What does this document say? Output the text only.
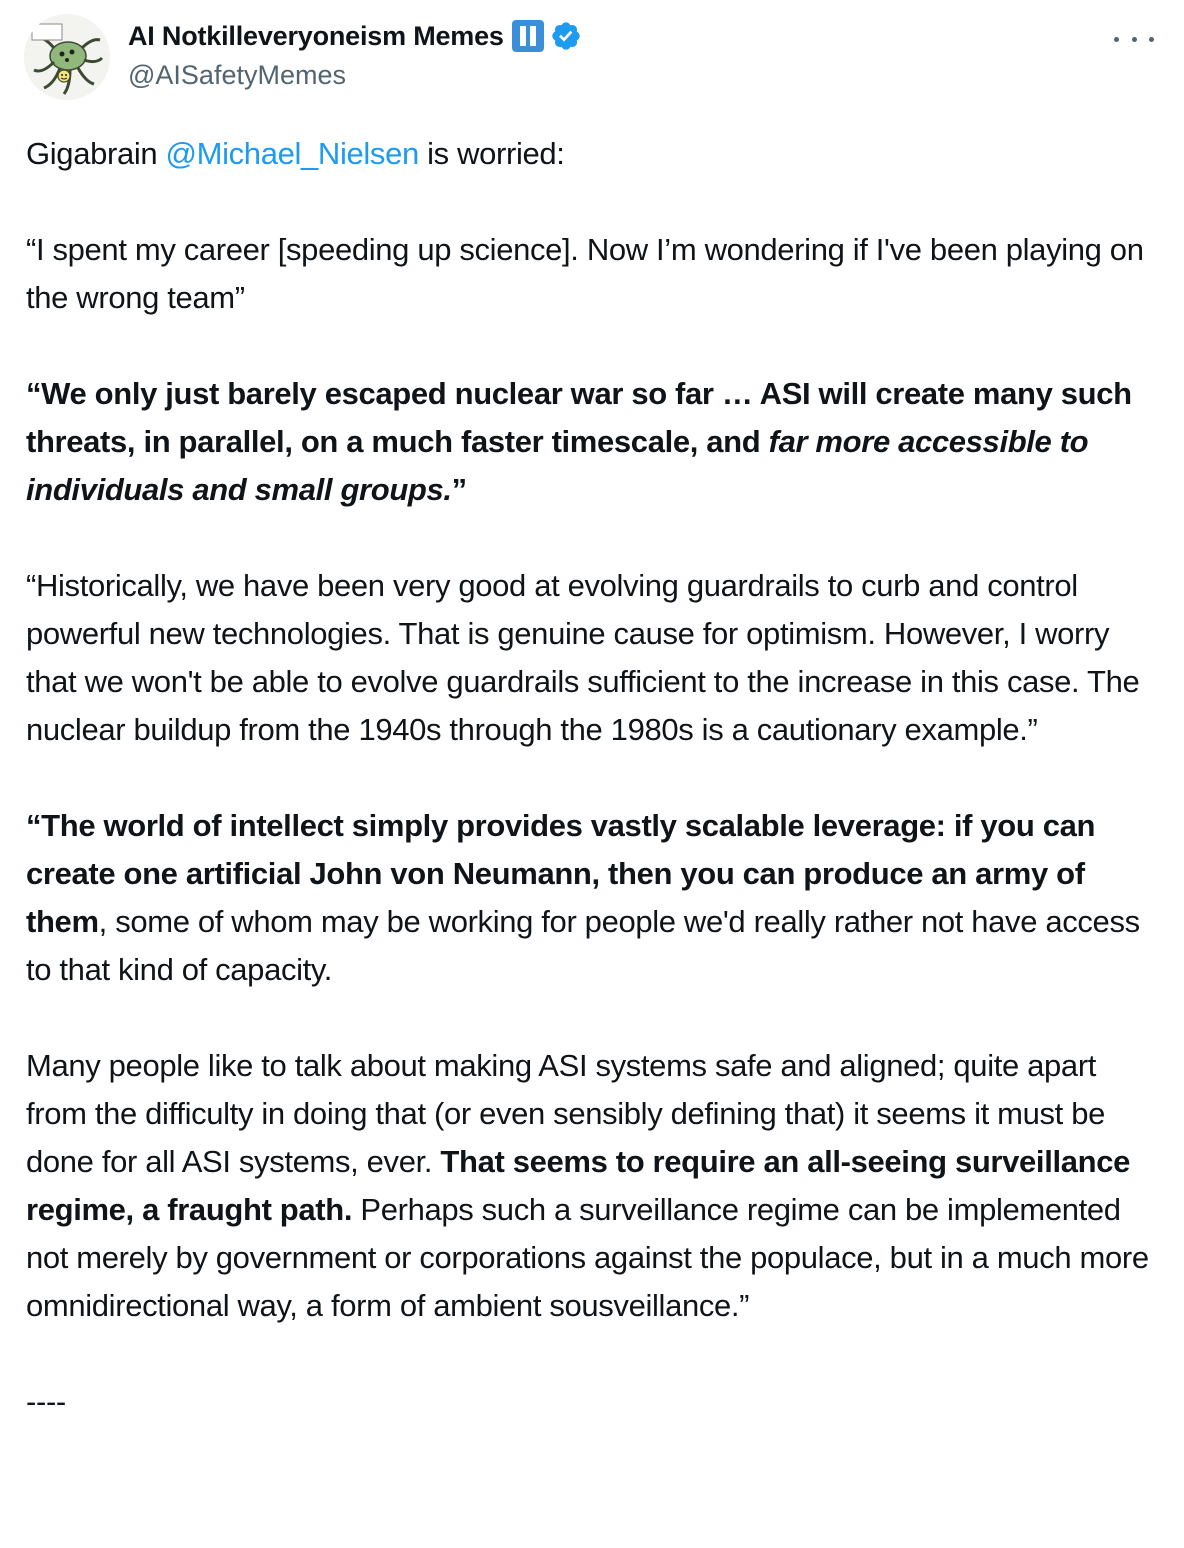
AI Notkilleveryoneism Memes
@AISafetyMemes

Gigabrain @Michael_Nielsen is worried:

“I spent my career [speeding up science]. Now I’m wondering if I've been playing on the wrong team”

“We only just barely escaped nuclear war so far … ASI will create many such threats, in parallel, on a much faster timescale, and far more accessible to individuals and small groups.”

“Historically, we have been very good at evolving guardrails to curb and control powerful new technologies. That is genuine cause for optimism. However, I worry that we won't be able to evolve guardrails sufficient to the increase in this case. The nuclear buildup from the 1940s through the 1980s is a cautionary example.”

“The world of intellect simply provides vastly scalable leverage: if you can create one artificial John von Neumann, then you can produce an army of them, some of whom may be working for people we'd really rather not have access to that kind of capacity.

Many people like to talk about making ASI systems safe and aligned; quite apart from the difficulty in doing that (or even sensibly defining that) it seems it must be done for all ASI systems, ever. That seems to require an all-seeing surveillance regime, a fraught path. Perhaps such a surveillance regime can be implemented not merely by government or corporations against the populace, but in a much more omnidirectional way, a form of ambient sousveillance.”

----
